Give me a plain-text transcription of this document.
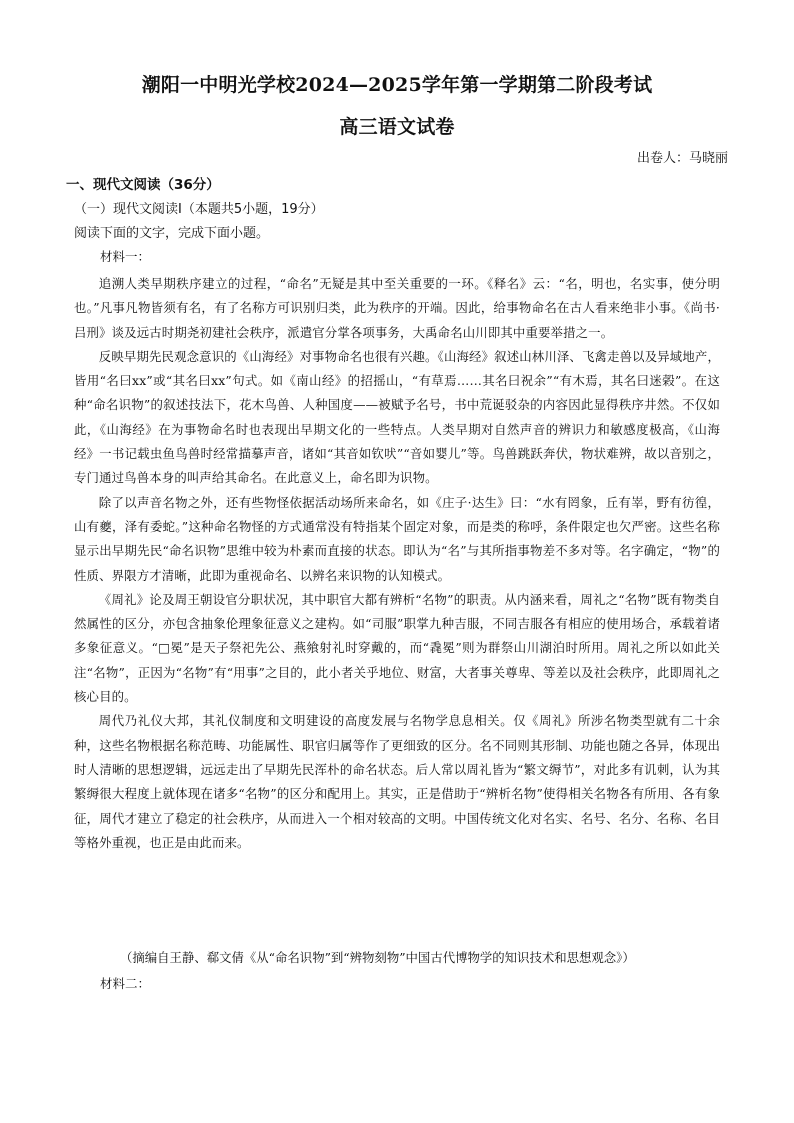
潮阳一中明光学校2024—2025学年第一学期第二阶段考试
高三语文试卷
出卷人：马晓丽
一、现代文阅读（36分）
（一）现代文阅读Ⅰ（本题共5小题，19分）
阅读下面的文字，完成下面小题。
材料一：

追溯人类早期秩序建立的过程，“命名”无疑是其中至关重要的一环。《释名》云：“名，明也，名实事，使分明也。”凡事凡物皆须有名，有了名称方可识别归类，此为秩序的开端。因此，给事物命名在古人看来绝非小事。《尚书·吕刑》谈及远古时期尧初建社会秩序，派遣官分掌各项事务，大禹命名山川即其中重要举措之一。

反映早期先民观念意识的《山海经》对事物命名也很有兴趣。《山海经》叙述山林川泽、飞禽走兽以及异域地产，皆用“名曰xx”或“其名曰xx”句式。如《南山经》的招摇山，“有草焉……其名曰祝余”“有木焉，其名曰迷榖”。在这种“命名识物”的叙述技法下，花木鸟兽、人种国度——被赋予名号，书中荒诞驳杂的内容因此显得秩序井然。不仅如此，《山海经》在为事物命名时也表现出早期文化的一些特点。人类早期对自然声音的辨识力和敏感度极高，《山海经》一书记载虫鱼鸟兽时经常描摹声音，诸如“其音如钦吠”“音如婴儿”等。鸟兽跳跃奔伏，物状难辨，故以音别之，专门通过鸟兽本身的叫声给其命名。在此意义上，命名即为识物。

除了以声音名物之外，还有些物怪依据活动场所来命名，如《庄子·达生》曰：“水有罔象，丘有峷，野有彷徨，山有夔，泽有委蛇。”这种命名物怪的方式通常没有特指某个固定对象，而是类的称呼，条件限定也欠严密。这些名称显示出早期先民“命名识物”思维中较为朴素而直接的状态。即认为“名”与其所指事物差不多对等。名字确定，“物”的性质、界限方才清晰，此即为重视命名、以辨名来识物的认知模式。

《周礼》论及周王朝设官分职状况，其中职官大都有辨析“名物”的职责。从内涵来看，周礼之“名物”既有物类自然属性的区分，亦包含抽象伦理象征意义之建构。如“司服”职掌九种吉服，不同吉服各有相应的使用场合，承载着诸多象征意义。“□冕”是天子祭祀先公、燕飨射礼时穿戴的，而“毳冕”则为群祭山川湖泊时所用。周礼之所以如此关注“名物”，正因为“名物”有“用事”之目的，此小者关乎地位、财富，大者事关尊卑、等差以及社会秩序，此即周礼之核心目的。

周代乃礼仪大邦，其礼仪制度和文明建设的高度发展与名物学息息相关。仅《周礼》所涉名物类型就有二十余种，这些名物根据名称范畴、功能属性、职官归属等作了更细致的区分。名不同则其形制、功能也随之各异，体现出时人清晰的思想逻辑，远远走出了早期先民浑朴的命名状态。后人常以周礼皆为“繁文缛节”，对此多有讥刺，认为其繁缛很大程度上就体现在诸多“名物”的区分和配用上。其实，正是借助于“辨析名物”使得相关名物各有所用、各有象征，周代才建立了稳定的社会秩序，从而进入一个相对较高的文明。中国传统文化对名实、名号、名分、名称、名目等格外重视，也正是由此而来。

（摘编自王静、郗文倩《从“命名识物”到“辨物刻物”中国古代博物学的知识技术和思想观念》）
材料二：
